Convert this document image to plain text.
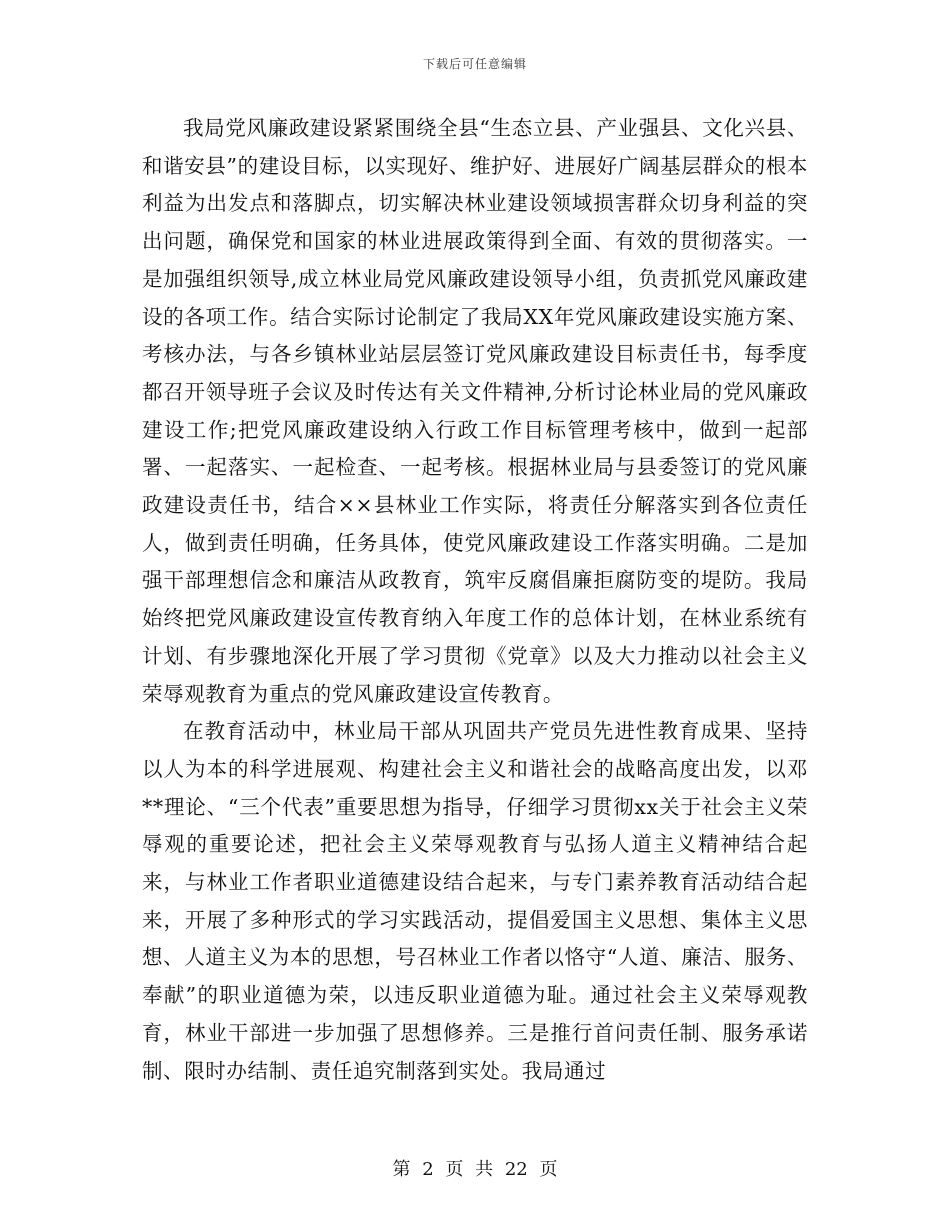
下载后可任意编辑

我局党风廉政建设紧紧围绕全县“生态立县、产业强县、文化兴县、和谐安县”的建设目标，以实现好、维护好、进展好广阔基层群众的根本利益为出发点和落脚点，切实解决林业建设领域损害群众切身利益的突出问题，确保党和国家的林业进展政策得到全面、有效的贯彻落实。一是加强组织领导,成立林业局党风廉政建设领导小组，负责抓党风廉政建设的各项工作。结合实际讨论制定了我局XX年党风廉政建设实施方案、考核办法，与各乡镇林业站层层签订党风廉政建设目标责任书，每季度都召开领导班子会议及时传达有关文件精神,分析讨论林业局的党风廉政建设工作;把党风廉政建设纳入行政工作目标管理考核中，做到一起部署、一起落实、一起检查、一起考核。根据林业局与县委签订的党风廉政建设责任书，结合××县林业工作实际，将责任分解落实到各位责任人，做到责任明确，任务具体，使党风廉政建设工作落实明确。二是加强干部理想信念和廉洁从政教育，筑牢反腐倡廉拒腐防变的堤防。我局始终把党风廉政建设宣传教育纳入年度工作的总体计划，在林业系统有计划、有步骤地深化开展了学习贯彻《党章》以及大力推动以社会主义荣辱观教育为重点的党风廉政建设宣传教育。

在教育活动中，林业局干部从巩固共产党员先进性教育成果、坚持以人为本的科学进展观、构建社会主义和谐社会的战略高度出发，以邓**理论、“三个代表”重要思想为指导，仔细学习贯彻xx关于社会主义荣辱观的重要论述，把社会主义荣辱观教育与弘扬人道主义精神结合起来，与林业工作者职业道德建设结合起来，与专门素养教育活动结合起来，开展了多种形式的学习实践活动，提倡爱国主义思想、集体主义思想、人道主义为本的思想，号召林业工作者以恪守“人道、廉洁、服务、奉献”的职业道德为荣，以违反职业道德为耻。通过社会主义荣辱观教育，林业干部进一步加强了思想修养。三是推行首问责任制、服务承诺制、限时办结制、责任追究制落到实处。我局通过

第 2 页 共 22 页
